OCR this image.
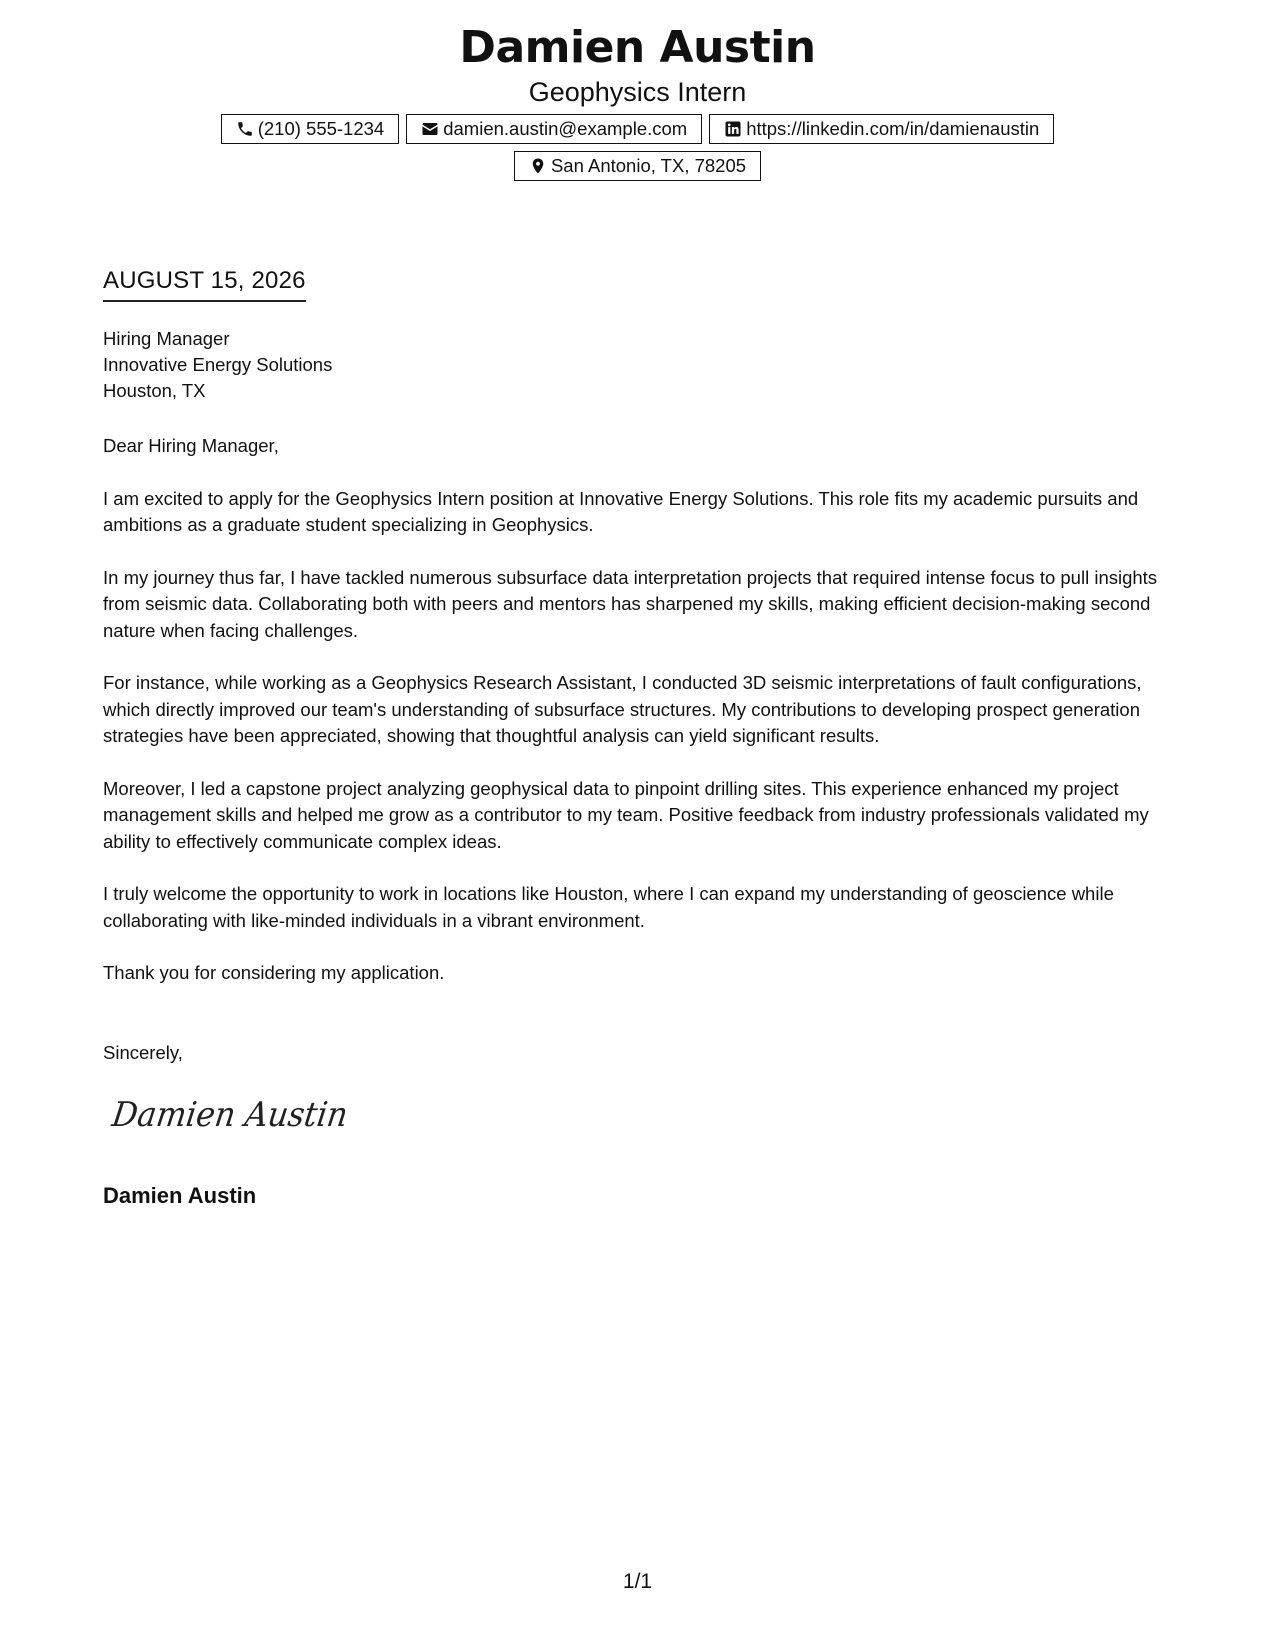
Damien Austin
Geophysics Intern
(210) 555-1234	damien.austin@example.com	https://linkedin.com/in/damienaustin
San Antonio, TX, 78205
AUGUST 15, 2026
Hiring Manager
Innovative Energy Solutions
Houston, TX

Dear Hiring Manager,

I am excited to apply for the Geophysics Intern position at Innovative Energy Solutions. This role fits my academic pursuits and ambitions as a graduate student specializing in Geophysics.

In my journey thus far, I have tackled numerous subsurface data interpretation projects that required intense focus to pull insights from seismic data. Collaborating both with peers and mentors has sharpened my skills, making efficient decision-making second nature when facing challenges.

For instance, while working as a Geophysics Research Assistant, I conducted 3D seismic interpretations of fault configurations, which directly improved our team's understanding of subsurface structures. My contributions to developing prospect generation strategies have been appreciated, showing that thoughtful analysis can yield significant results.

Moreover, I led a capstone project analyzing geophysical data to pinpoint drilling sites. This experience enhanced my project management skills and helped me grow as a contributor to my team. Positive feedback from industry professionals validated my ability to effectively communicate complex ideas.

I truly welcome the opportunity to work in locations like Houston, where I can expand my understanding of geoscience while collaborating with like-minded individuals in a vibrant environment.

Thank you for considering my application.

Sincerely,
Damien Austin
Damien Austin
1/1
